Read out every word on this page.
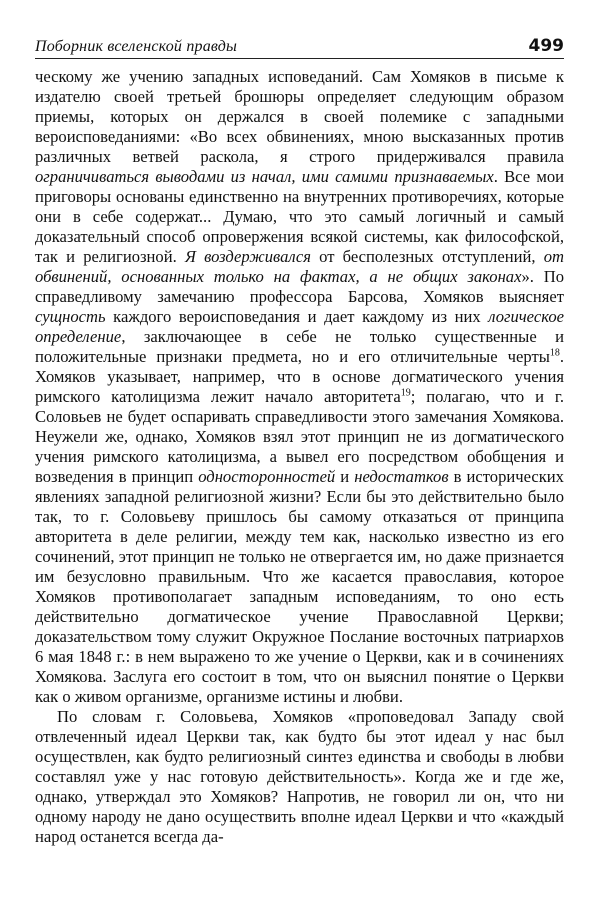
Поборник вселенской правды	499

ческому же учению западных исповеданий. Сам Хомяков в письме к издателю своей третьей брошюры определяет следующим образом приемы, которых он держался в своей полемике с западными вероисповеданиями: «Во всех обвинениях, мною высказанных против различных ветвей раскола, я строго придерживался правила ограничиваться выводами из начал, ими самими признаваемых. Все мои приговоры основаны единственно на внутренних противоречиях, которые они в себе содержат... Думаю, что это самый логичный и самый доказательный способ опровержения всякой системы, как философской, так и религиозной. Я воздерживался от бесполезных отступлений, от обвинений, основанных только на фактах, а не общих законах». По справедливому замечанию профессора Барсова, Хомяков выясняет сущность каждого вероисповедания и дает каждому из них логическое определение, заключающее в себе не только существенные и положительные признаки предмета, но и его отличительные черты$^{18}$. Хомяков указывает, например, что в основе догматического учения римского католицизма лежит начало авторитета$^{19}$; полагаю, что и г. Соловьев не будет оспаривать справедливости этого замечания Хомякова. Неужели же, однако, Хомяков взял этот принцип не из догматического учения римского католицизма, а вывел его посредством обобщения и возведения в принцип односторонностей и недостатков в исторических явлениях западной религиозной жизни? Если бы это действительно было так, то г. Соловьеву пришлось бы самому отказаться от принципа авторитета в деле религии, между тем как, насколько известно из его сочинений, этот принцип не только не отвергается им, но даже признается им безусловно правильным. Что же касается православия, которое Хомяков противополагает западным исповеданиям, то оно есть действительно догматическое учение Православной Церкви; доказательством тому служит Окружное Послание восточных патриархов 6 мая 1848 г.: в нем выражено то же учение о Церкви, как и в сочинениях Хомякова. Заслуга его состоит в том, что он выяснил понятие о Церкви как о живом организме, организме истины и любви.

По словам г. Соловьева, Хомяков «проповедовал Западу свой отвлеченный идеал Церкви так, как будто бы этот идеал у нас был осуществлен, как будто религиозный синтез единства и свободы в любви составлял уже у нас готовую действительность». Когда же и где же, однако, утверждал это Хомяков? Напротив, не говорил ли он, что ни одному народу не дано осуществить вполне идеал Церкви и что «каждый народ останется всегда да-
